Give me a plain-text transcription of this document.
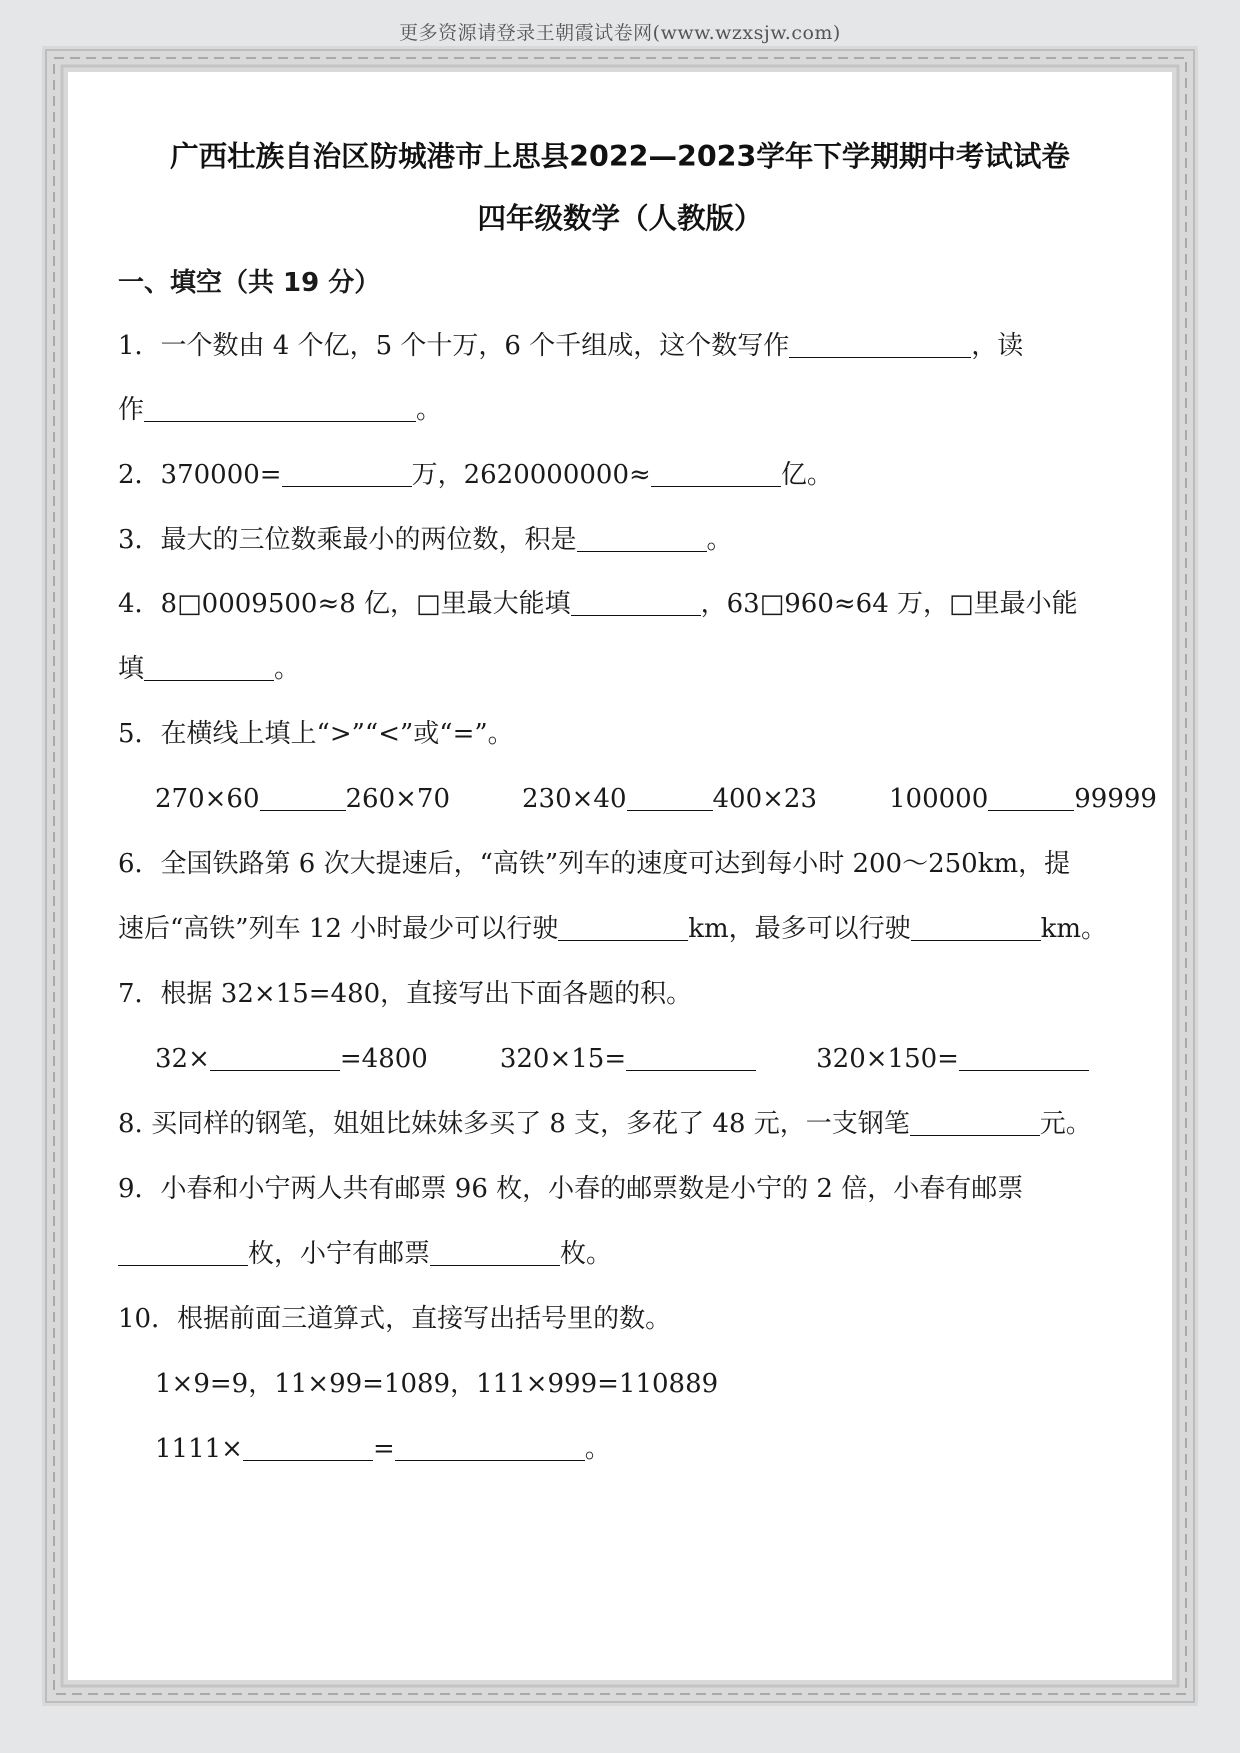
更多资源请登录王朝霞试卷网(www.wzxsjw.com)
广西壮族自治区防城港市上思县2022—2023学年下学期期中考试试卷
四年级数学（人教版）
一、填空（共 19 分）
1．一个数由 4 个亿，5 个十万，6 个千组成，这个数写作	，读
作	。
2．370000=	万，2620000000≈	亿。
3．最大的三位数乘最小的两位数，积是	。
4．8□0009500≈8 亿，□里最大能填	，63□960≈64 万，□里最小能
填	。
5．在横线上填上“>”“<”或“=”。
270×60	260×70	230×40	400×23	100000	99999
6．全国铁路第 6 次大提速后，“高铁”列车的速度可达到每小时 200～250km，提
速后“高铁”列车 12 小时最少可以行驶	km，最多可以行驶	km。
7．根据 32×15=480，直接写出下面各题的积。
32×	=4800	320×15=	320×150=
8. 买同样的钢笔，姐姐比妹妹多买了 8 支，多花了 48 元，一支钢笔	元。
9．小春和小宁两人共有邮票 96 枚，小春的邮票数是小宁的 2 倍，小春有邮票
枚，小宁有邮票	枚。
10．根据前面三道算式，直接写出括号里的数。
1×9=9，11×99=1089，111×999=110889
1111×	=	。
